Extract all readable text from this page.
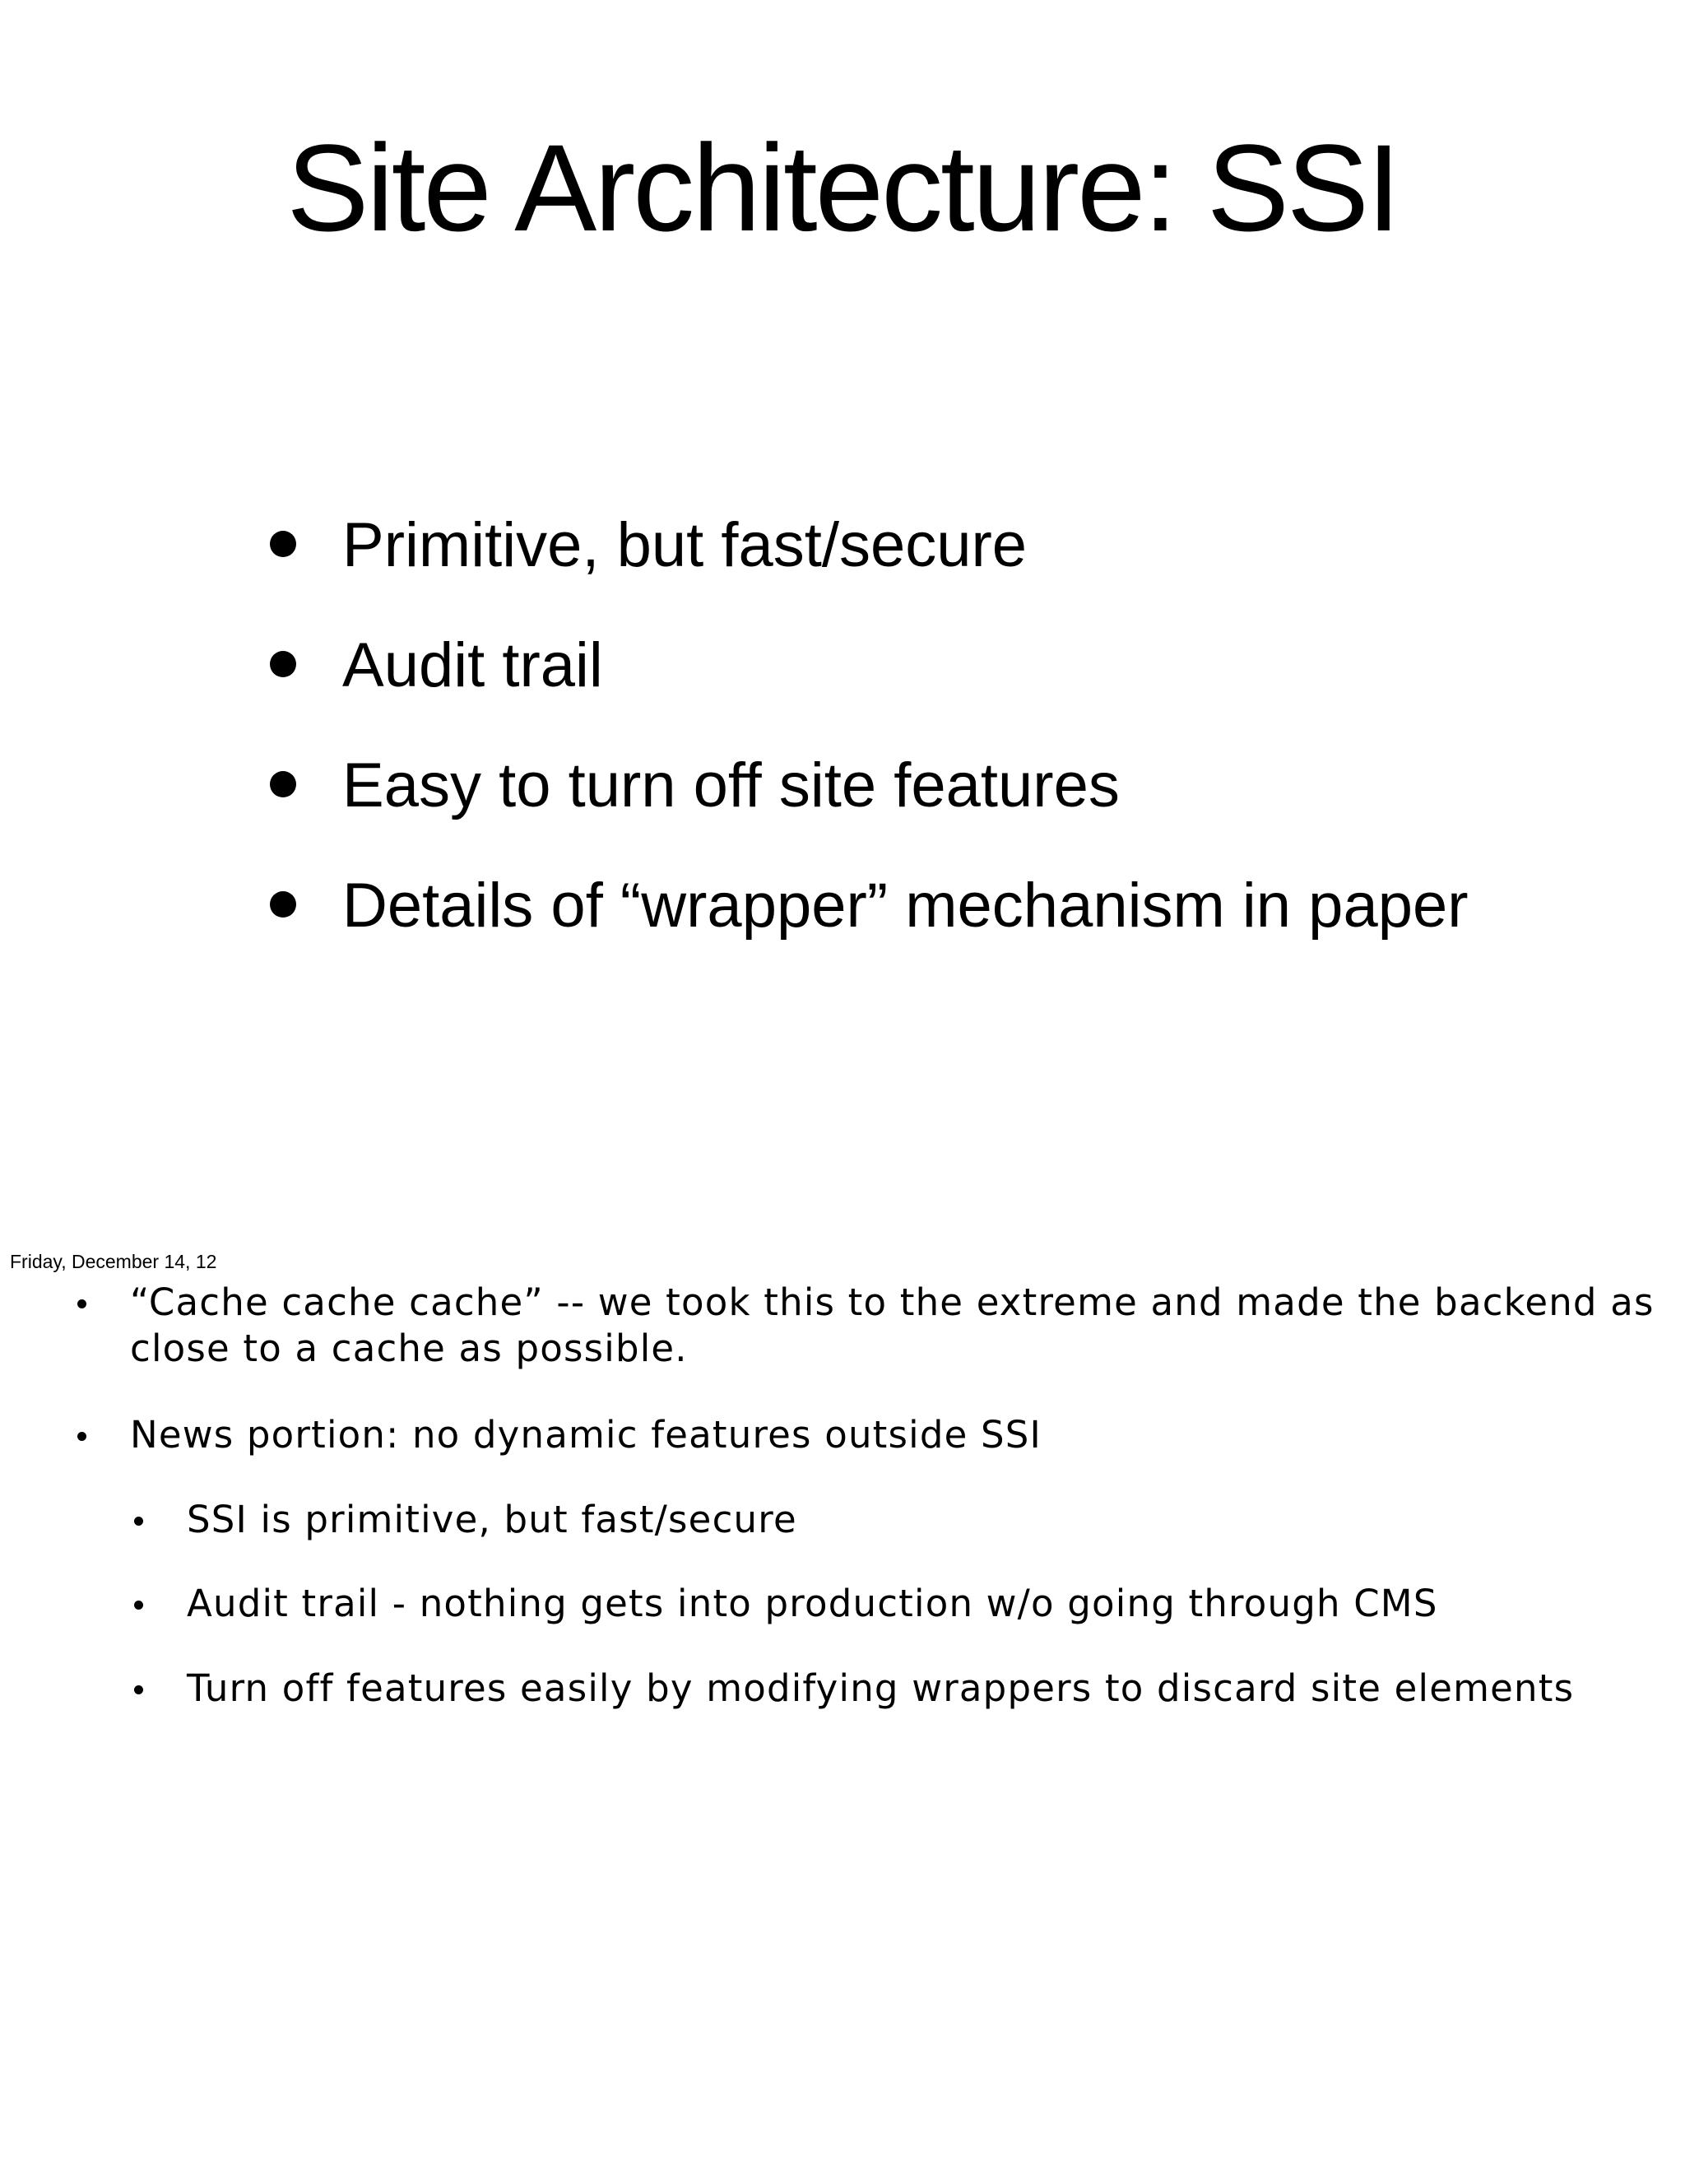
Site Architecture: SSI
Primitive, but fast/secure
Audit trail
Easy to turn off site features
Details of “wrapper” mechanism in paper
Friday, December 14, 12
“Cache cache cache” -- we took this to the extreme and made the backend as
close to a cache as possible.
News portion: no dynamic features outside SSI
SSI is primitive, but fast/secure
Audit trail - nothing gets into production w/o going through CMS
Turn off features easily by modifying wrappers to discard site elements
